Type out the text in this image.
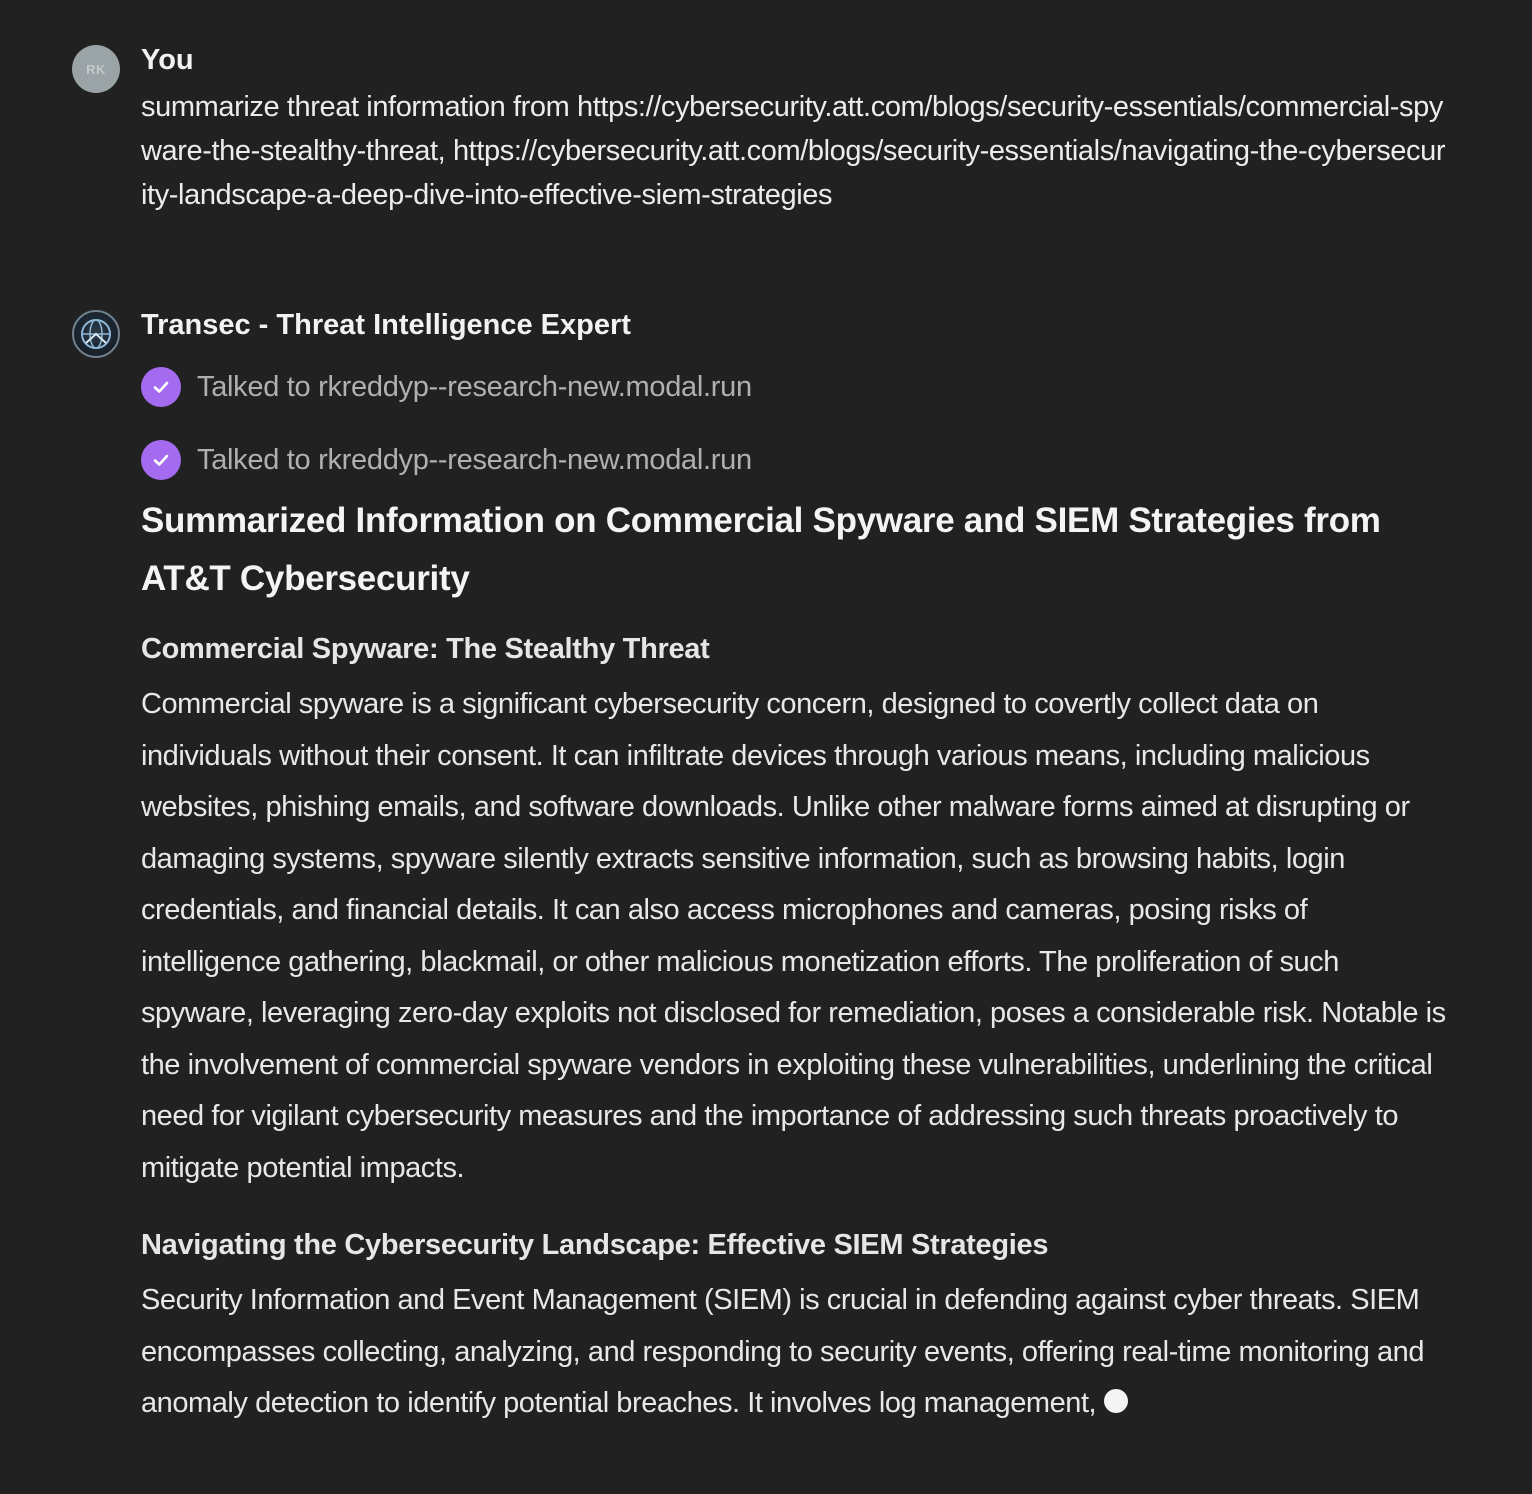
RK You
summarize threat information from https://cybersecurity.att.com/blogs/security-essentials/commercial-spyware-the-stealthy-threat, https://cybersecurity.att.com/blogs/security-essentials/navigating-the-cybersecurity-landscape-a-deep-dive-into-effective-siem-strategies
Transec - Threat Intelligence Expert
Talked to rkreddyp--research-new.modal.run
Talked to rkreddyp--research-new.modal.run
Summarized Information on Commercial Spyware and SIEM Strategies from AT&T Cybersecurity
Commercial Spyware: The Stealthy Threat

Commercial spyware is a significant cybersecurity concern, designed to covertly collect data on individuals without their consent. It can infiltrate devices through various means, including malicious websites, phishing emails, and software downloads. Unlike other malware forms aimed at disrupting or damaging systems, spyware silently extracts sensitive information, such as browsing habits, login credentials, and financial details. It can also access microphones and cameras, posing risks of intelligence gathering, blackmail, or other malicious monetization efforts. The proliferation of such spyware, leveraging zero-day exploits not disclosed for remediation, poses a considerable risk. Notable is the involvement of commercial spyware vendors in exploiting these vulnerabilities, underlining the critical need for vigilant cybersecurity measures and the importance of addressing such threats proactively to mitigate potential impacts.

Navigating the Cybersecurity Landscape: Effective SIEM Strategies

Security Information and Event Management (SIEM) is crucial in defending against cyber threats. SIEM encompasses collecting, analyzing, and responding to security events, offering real-time monitoring and anomaly detection to identify potential breaches. It involves log management,
